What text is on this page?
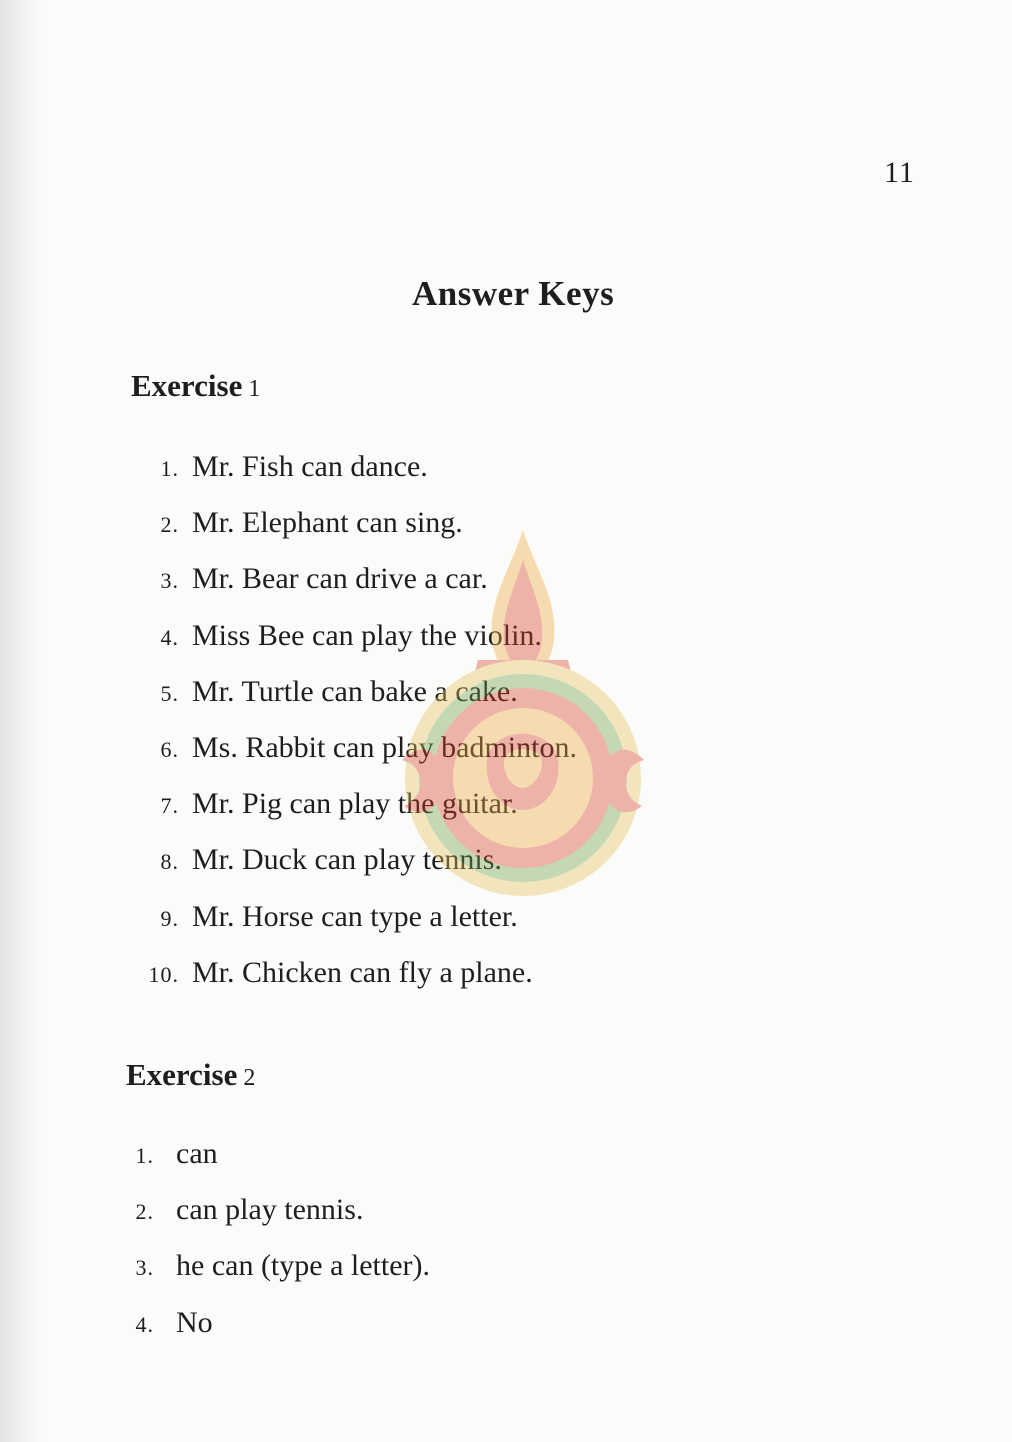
11
Answer Keys
Exercise 1
1. Mr. Fish can dance.
2. Mr. Elephant can sing.
3. Mr. Bear can drive a car.
4. Miss Bee can play the violin.
5. Mr. Turtle can bake a cake.
6. Ms. Rabbit can play badminton.
7. Mr. Pig can play the guitar.
8. Mr. Duck can play tennis.
9. Mr. Horse can type a letter.
10. Mr. Chicken can fly a plane.
Exercise 2
1. can
2. can play tennis.
3. he can (type a letter).
4. No
